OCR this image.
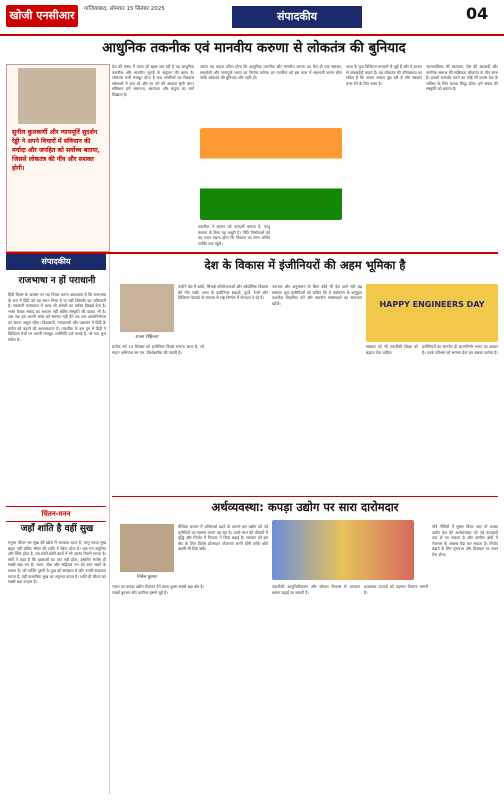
खोजी एनसीआर	गाजियाबाद, सोमवार 15 सितंबर 2025
संपादकीय	04
आधुनिक तकनीक एवं मानवीय करुणा से लोकतंत्र की बुनियाद
सुनील कुलकर्णी और न्यायमूर्ति सुदर्शन रेड्डी ने अपने विचारों में संविधान की मर्यादा और जनहित को सर्वोच्च बताया, जिससे लोकतंत्र की नींव और सशक्त होगी।
देश की संसद में आज जो बहस चल रही है वह आधुनिक तकनीक और मानवीय मूल्यों के संतुलन की बहस है। लोकतंत्र तभी मजबूत होता है जब नागरिकों का विश्वास संस्थाओं में बना रहे और हर वर्ग की आवाज़ सुनी जाए। संविधान हमें समानता, स्वतंत्रता और बंधुत्व का मार्ग दिखाता है।
तकनीक ने शासन को पारदर्शी बनाया है, परंतु करुणा के बिना यह अधूरी है। नीति निर्माताओं को यह ध्यान रखना होगा कि विकास का लाभ अंतिम व्यक्ति तक पहुंचे।
आज के युवा डिजिटल माध्यमों से जुड़े हैं और वे शासन से जवाबदेही चाहते हैं। यह लोकतंत्र की परिपक्वता का संकेत है कि जनता सवाल पूछ रही है और सरकार उत्तर देने के लिए बाध्य है।
न्यायपालिका की स्वतंत्रता, प्रेस की आज़ादी और नागरिक समाज की सक्रियता लोकतंत्र के तीन स्तंभ हैं। इनको कमजोर करने का कोई भी प्रयास देश के भविष्य के लिए घातक सिद्ध होगा। हमें संवाद की संस्कृति को बचाना है।
अंततः यह कहना उचित होगा कि आधुनिक तकनीक और मानवीय करुणा का मेल ही एक सशक्त, समावेशी और न्यायपूर्ण भारत का निर्माण करेगा। हर नागरिक को इस यात्रा में सहभागी बनना होगा ताकि लोकतंत्र की बुनियाद और गहरी हो।
संपादकीय
राजभाषा न हों पराधानी
हिंदी दिवस के अवसर पर यह विचार करना आवश्यक है कि राजभाषा के रूप में हिंदी को वह स्थान मिला है या नहीं जिसकी वह अधिकारी है। सरकारी कामकाज में आज भी अंग्रेज़ी का वर्चस्व दिखाई देता है। भाषा केवल संवाद का माध्यम नहीं बल्कि संस्कृति की वाहक भी है। जब तक हम अपनी भाषा को सम्मान नहीं देंगे तब तक आत्मनिर्भरता का सपना अधूरा रहेगा। विद्यालयों, न्यायालयों और प्रशासन में हिंदी के प्रयोग को बढ़ाने की आवश्यकता है। तकनीक के इस युग में हिंदी ने डिजिटल मंचों पर अपनी मजबूत उपस्थिति दर्ज कराई है, जो एक शुभ संकेत है।
चिंतन-मनन
जहाँ शांति है वहीं सुख
मनुष्य जीवन भर सुख की खोज में भटकता रहता है, परंतु सच्चा सुख बाहर नहीं बल्कि भीतर की शांति में छिपा होता है। जब मन संतुलित और स्थिर होता है, तब छोटी-छोटी बातों में भी आनंद मिलने लगता है। संतों ने कहा है कि इच्छाओं का अंत नहीं होता, इसलिए संतोष ही सबसे बड़ा धन है। ध्यान, सेवा और सद्विचार मन को शांत रखने के साधन हैं। जो व्यक्ति दूसरों के दुख को समझता है और उनकी सहायता करता है, वही वास्तविक सुख का अनुभव करता है। शांति ही जीवन का सबसे बड़ा उपहार है।
देश के विकास में इंजीनियरों की अहम भूमिका है
राजन रोहिल्ला
प्रत्येक वर्ष 15 सितंबर को इंजीनियर दिवस मनाया जाता है, जो महान अभियंता सर एम. विश्वेश्वरैया की जयंती है।
उन्होंने देश में बांधों, सिंचाई परियोजनाओं और औद्योगिक विकास की नींव रखी। आज के इंजीनियर सड़कों, पुलों, रेलवे और डिजिटल नेटवर्क के माध्यम से राष्ट्र निर्माण में योगदान दे रहे हैं।
नवाचार और अनुसंधान के बिना कोई भी देश आगे नहीं बढ़ सकता। युवा इंजीनियरों को चाहिए कि वे पर्यावरण के अनुकूल तकनीक विकसित करें और स्थानीय समस्याओं का समाधान खोजें।	HAPPY ENGINEERS DAY
सरकार को भी तकनीकी शिक्षा को बढ़ावा देना चाहिए।
इंजीनियरों का समर्पण ही आत्मनिर्भर भारत का आधार है। उनके परिश्रम को सम्मान देना हम सबका कर्तव्य है।
अर्थव्यवस्था: कपड़ा उद्योग पर सारा दारोमदार
निर्मल कुमार
भारत का कपड़ा उद्योग रोजगार देने वाला दूसरा सबसे बड़ा क्षेत्र है। लाखों बुनकर और कारीगर इससे जुड़े हैं।
वैश्विक बाजार में प्रतिस्पर्धा बढ़ने के कारण इस उद्योग को नई चुनौतियों का सामना करना पड़ रहा है। कच्चे माल की कीमतों में वृद्धि और निर्यात में गिरावट ने चिंता बढ़ाई है। सरकार को इस क्षेत्र के लिए विशेष प्रोत्साहन योजनाएं लानी होंगी ताकि छोटे उद्यमी भी टिक सकें।
तकनीकी आधुनिकीकरण और कौशल विकास से उत्पादन क्षमता बढ़ाई जा सकती है।
हथकरघा उत्पादों को पहचान दिलाना जरूरी है।
यदि नीतियों में सुधार किया जाए तो कपड़ा उद्योग देश की अर्थव्यवस्था को नई ऊंचाइयों तक ले जा सकता है और ग्रामीण क्षेत्रों में रोजगार के अवसर पैदा कर सकता है। निर्यात बढ़ाने के लिए गुणवत्ता और डिजाइन पर ध्यान देना होगा।
